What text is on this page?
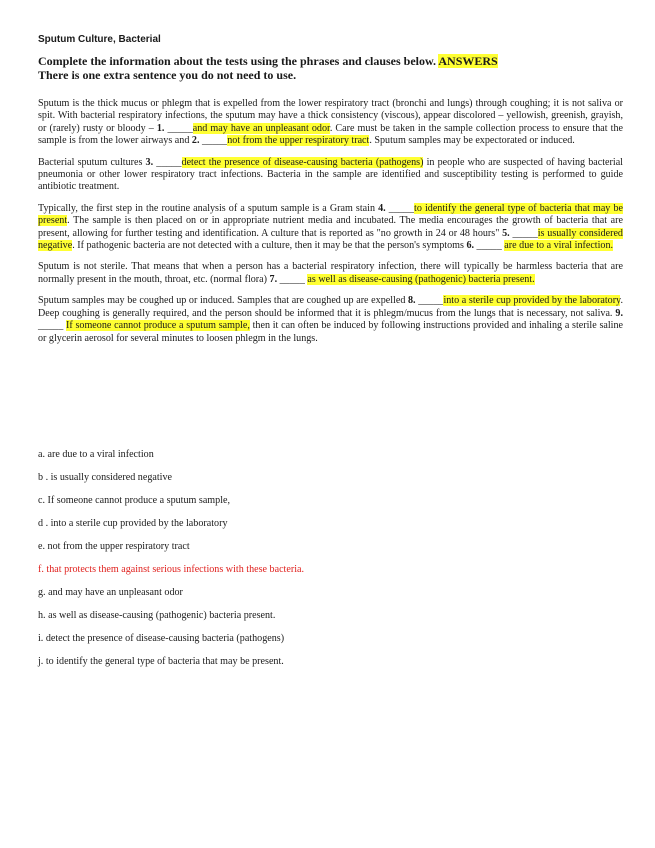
Sputum Culture, Bacterial

Complete the information about the tests using the phrases and clauses below. ANSWERS

There is one extra sentence you do not need to use.

Sputum is the thick mucus or phlegm that is expelled from the lower respiratory tract (bronchi and lungs) through coughing; it is not saliva or spit. With bacterial respiratory infections, the sputum may have a thick consistency (viscous), appear discolored – yellowish, greenish, grayish, or (rarely) rusty or bloody – 1. _____and may have an unpleasant odor. Care must be taken in the sample collection process to ensure that the sample is from the lower airways and 2. _____not from the upper respiratory tract. Sputum samples may be expectorated or induced.

Bacterial sputum cultures 3. _____detect the presence of disease-causing bacteria (pathogens) in people who are suspected of having bacterial pneumonia or other lower respiratory tract infections. Bacteria in the sample are identified and susceptibility testing is performed to guide antibiotic treatment.

Typically, the first step in the routine analysis of a sputum sample is a Gram stain 4. _____to identify the general type of bacteria that may be present. The sample is then placed on or in appropriate nutrient media and incubated. The media encourages the growth of bacteria that are present, allowing for further testing and identification. A culture that is reported as "no growth in 24 or 48 hours" 5. _____is usually considered negative. If pathogenic bacteria are not detected with a culture, then it may be that the person's symptoms 6. _____ are due to a viral infection.

Sputum is not sterile. That means that when a person has a bacterial respiratory infection, there will typically be harmless bacteria that are normally present in the mouth, throat, etc. (normal flora) 7. _____ as well as disease-causing (pathogenic) bacteria present.

Sputum samples may be coughed up or induced. Samples that are coughed up are expelled 8. _____into a sterile cup provided by the laboratory. Deep coughing is generally required, and the person should be informed that it is phlegm/mucus from the lungs that is necessary, not saliva. 9. _____ If someone cannot produce a sputum sample, then it can often be induced by following instructions provided and inhaling a sterile saline or glycerin aerosol for several minutes to loosen phlegm in the lungs.

a. are due to a viral infection
b . is usually considered negative
c. If someone cannot produce a sputum sample,
d . into a sterile cup provided by the laboratory
e. not from the upper respiratory tract
f. that protects them against serious infections with these bacteria.
g. and may have an unpleasant odor
h. as well as disease-causing (pathogenic) bacteria present.
i. detect the presence of disease-causing bacteria (pathogens)
j. to identify the general type of bacteria that may be present.
